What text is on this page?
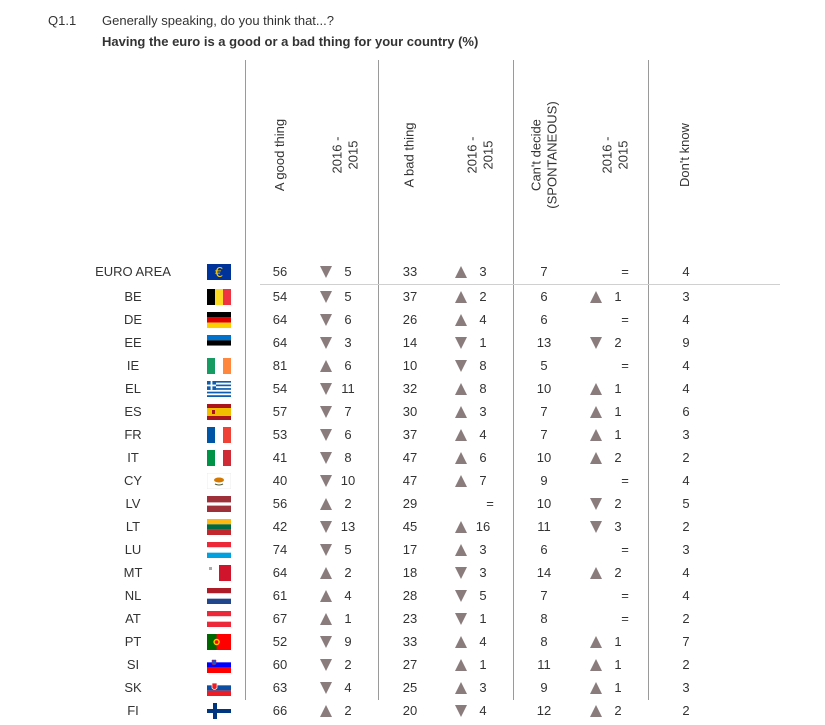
Q1.1 Generally speaking, do you think that...?
Having the euro is a good or a bad thing for your country (%)
A good thing	2016 -
2015	A bad thing	2016 -
2015	Can't decide
(SPONTANEOUS)	2016 -
2015	Don't know
EURO AREA	€	56	5	33	3	7	=	4
BE	54	5	37	2	6	1	3
DE	64	6	26	4	6	=	4
EE	64	3	14	1	13	2	9
IE	81	6	10	8	5	=	4
EL	54	11	32	8	10	1	4
ES	57	7	30	3	7	1	6
FR	53	6	37	4	7	1	3
IT	41	8	47	6	10	2	2
CY	40	10	47	7	9	=	4
LV	56	2	29	=	10	2	5
LT	42	13	45	16	11	3	2
LU	74	5	17	3	6	=	3
MT	64	2	18	3	14	2	4
NL	61	4	28	5	7	=	4
AT	67	1	23	1	8	=	2
PT	52	9	33	4	8	1	7
SI	60	2	27	1	11	1	2
SK	63	4	25	3	9	1	3
FI	66	2	20	4	12	2	2
